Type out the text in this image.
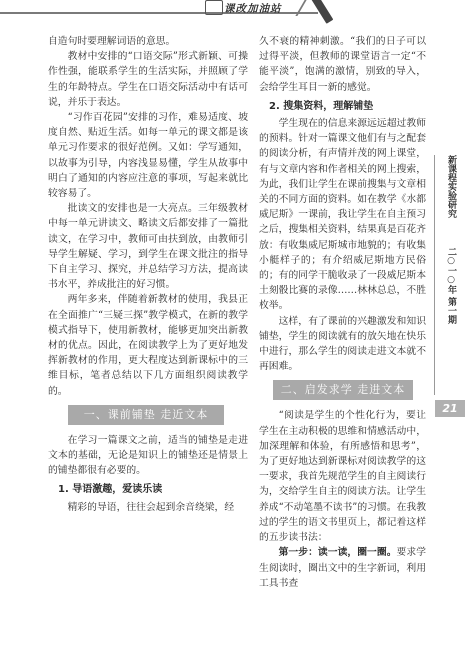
课改加油站

自造句时要理解词语的意思。

教材中安排的“口语交际”形式新颖、可操作性强，能联系学生的生活实际，并照顾了学生的年龄特点。学生在口语交际活动中有话可说，并乐于表达。

“习作百花园”安排的习作，难易适度、坡度自然、贴近生活。如每一单元的课文都是该单元习作要求的很好范例。又如：学写通知，以故事为引导，内容浅显易懂，学生从故事中明白了通知的内容应注意的事项，写起来就比较容易了。

批读文的安排也是一大亮点。三年级教材中每一单元讲读文、略读文后都安排了一篇批读文，在学习中，教师可由扶到放，由教师引导学生解疑、学习，到学生在课文批注的指导下自主学习、探究，并总结学习方法，提高读书水平，养成批注的好习惯。

两年多来，伴随着新教材的使用，我县正在全面推广“三疑三探”教学模式，在新的教学模式指导下，使用新教材，能够更加突出新教材的优点。因此，在阅读教学上为了更好地发挥新教材的作用，更大程度达到新课标中的三维目标，笔者总结以下几方面组织阅读教学的。

一、课前铺垫 走近文本

在学习一篇课文之前，适当的铺垫是走进文本的基础，无论是知识上的铺垫还是情景上的铺垫都很有必要的。

1. 导语激趣，爱读乐读

精彩的导语，往往会起到余音绕梁，经

久不衰的精神刺激。“我们的日子可以过得平淡，但教师的课堂语言一定“不能平淡”，饱满的激情，别致的导入，会给学生耳目一新的感觉。

2. 搜集资料，理解铺垫

学生现在的信息来源远远超过教师的预料。针对一篇课文他们有与之配套的阅读分析，有声情并茂的网上课堂，有与文章内容和作者相关的网上搜索，为此，我们让学生在课前搜集与文章相关的不同方面的资料。如在教学《水都威尼斯》一课前，我让学生在自主预习之后，搜集相关资料，结果真是百花齐放：有收集威尼斯城市地貌的；有收集小艇样子的；有介绍威尼斯地方民俗的；有的同学干脆收录了一段威尼斯本土刻骰比赛的录像……林林总总，不胜枚举。

这样，有了课前的兴趣激发和知识铺垫，学生的阅读就有的放矢地在快乐中进行，那么学生的阅读走进文本就不再困难。

二、启发求学 走进文本

“阅读是学生的个性化行为，要让学生在主动积极的思维和情感活动中，加深理解和体验，有所感悟和思考”，为了更好地达到新课标对阅读教学的这一要求，我首先规范学生的自主阅读行为，交给学生自主的阅读方法。让学生养成“不动笔墨不读书”的习惯。在我教过的学生的语文书里页上，都记着这样的五步读书法：

第一步：读一读，圈一圈。要求学生阅读时，圈出文中的生字新词，利用工具书查

新课程实验研究
二○一○年 第一期
21
